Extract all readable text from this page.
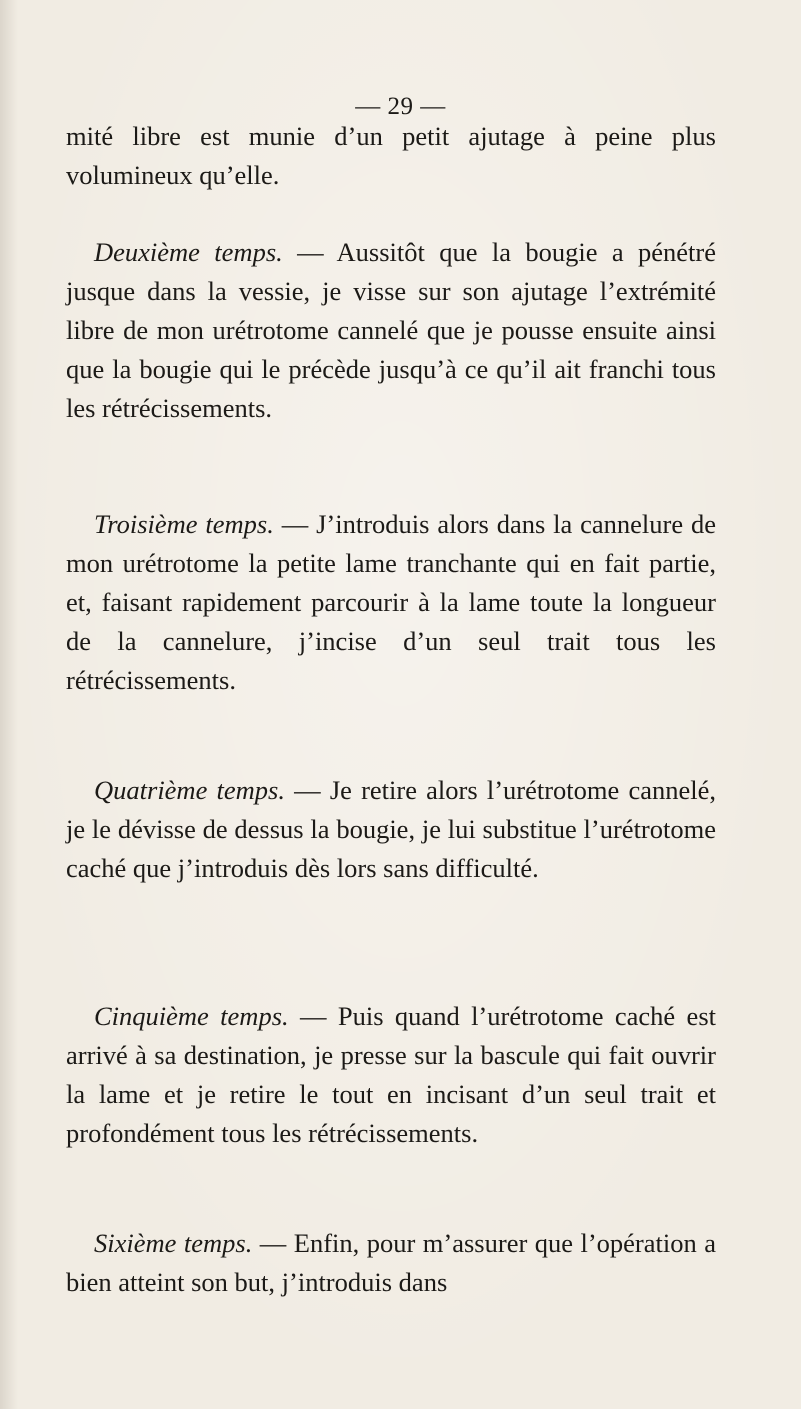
— 29 —

mité libre est munie d’un petit ajutage à peine plus volumineux qu’elle.

Deuxième temps. — Aussitôt que la bougie a pénétré jusque dans la vessie, je visse sur son ajutage l’extrémité libre de mon urétrotome cannelé que je pousse ensuite ainsi que la bougie qui le précède jusqu’à ce qu’il ait franchi tous les rétrécissements.

Troisième temps. — J’introduis alors dans la cannelure de mon urétrotome la petite lame tranchante qui en fait partie, et, faisant rapidement parcourir à la lame toute la longueur de la cannelure, j’incise d’un seul trait tous les rétrécissements.

Quatrième temps. — Je retire alors l’urétrotome cannelé, je le dévisse de dessus la bougie, je lui substitue l’urétrotome caché que j’introduis dès lors sans difficulté.

Cinquième temps. — Puis quand l’urétrotome caché est arrivé à sa destination, je presse sur la bascule qui fait ouvrir la lame et je retire le tout en incisant d’un seul trait et profondément tous les rétrécissements.

Sixième temps. — Enfin, pour m’assurer que l’opération a bien atteint son but, j’introduis dans
